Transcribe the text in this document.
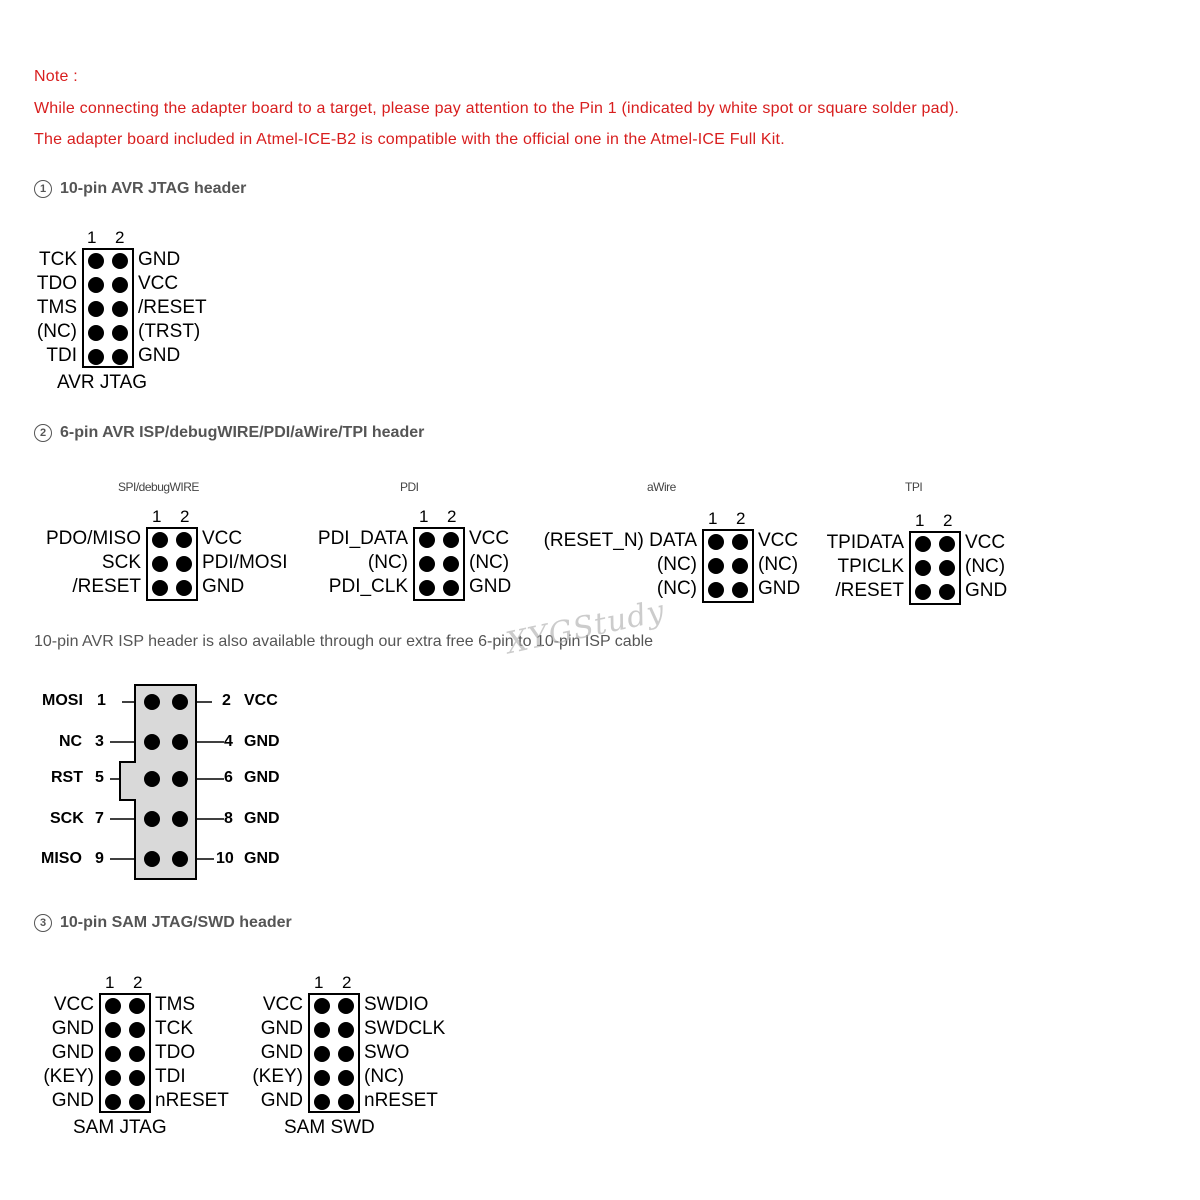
Note :
While connecting the adapter board to a target, please pay attention to the Pin 1 (indicated by white spot or square solder pad).
The adapter board included in Atmel-ICE-B2 is compatible with the official one in the Atmel-ICE Full Kit.
1 10-pin AVR JTAG header
1 2
TCK
TDO
TMS
(NC)
TDI
GND
VCC
/RESET
(TRST)
GND
AVR JTAG
2 6-pin AVR ISP/debugWIRE/PDI/aWire/TPI header
SPI/debugWIRE
1 2
PDO/MISO
SCK
/RESET
VCC
PDI/MOSI
GND
PDI
1 2
PDI_DATA
(NC)
PDI_CLK
VCC
(NC)
GND
aWire
1 2
(RESET_N) DATA
(NC)
(NC)
VCC
(NC)
GND
TPI
1 2
TPIDATA
TPICLK
/RESET
VCC
(NC)
GND
10-pin AVR ISP header is also available through our extra free 6-pin to 10-pin ISP cable
XYGStudy
MOSI 1
NC 3
RST 5
SCK 7
MISO 9
2 VCC
4 GND
6 GND
8 GND
10 GND
3 10-pin SAM JTAG/SWD header
1 2
VCC
GND
GND
(KEY)
GND
TMS
TCK
TDO
TDI
nRESET
SAM JTAG
1 2
VCC
GND
GND
(KEY)
GND
SWDIO
SWDCLK
SWO
(NC)
nRESET
SAM SWD
